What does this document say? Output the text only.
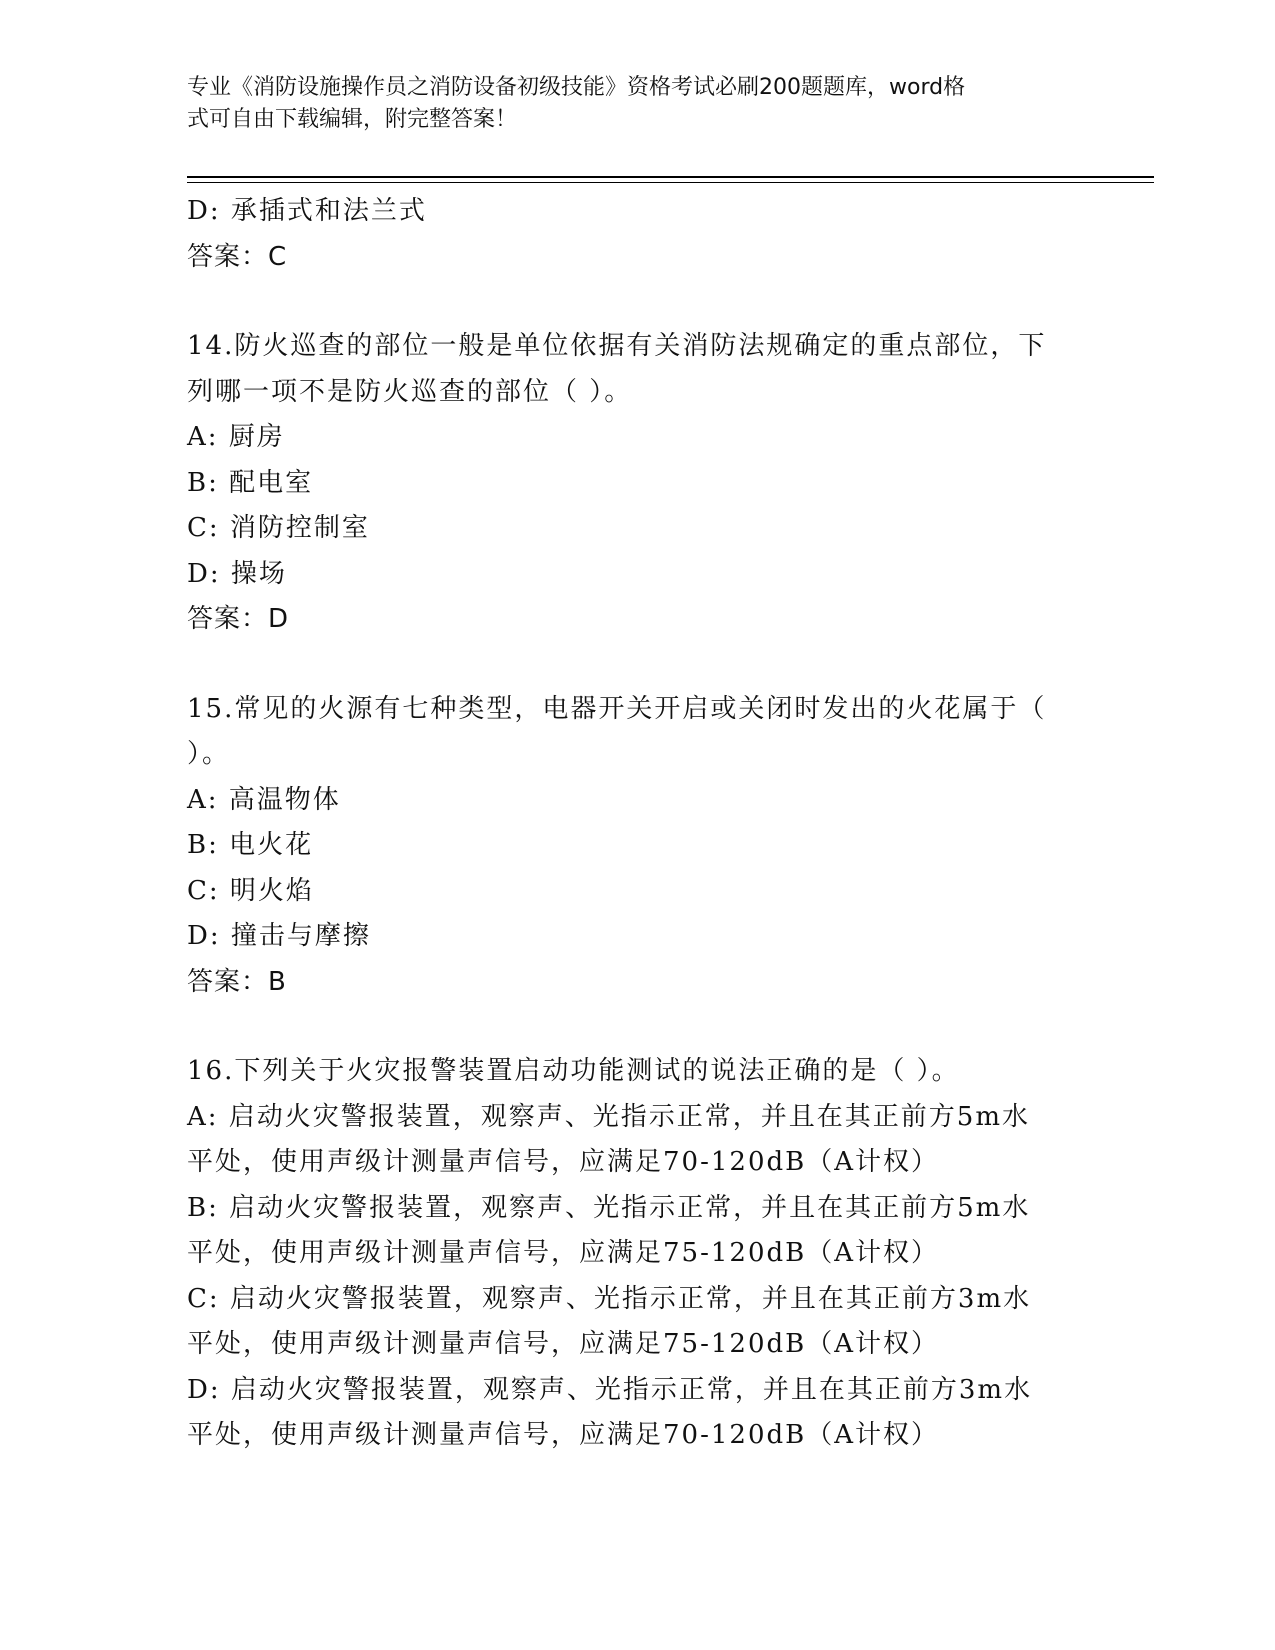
专业《消防设施操作员之消防设备初级技能》资格考试必刷200题题库，word格
式可自由下载编辑，附完整答案！
D: 承插式和法兰式
答案：C
14.防火巡查的部位一般是单位依据有关消防法规确定的重点部位，下
列哪一项不是防火巡查的部位（ ）。
A: 厨房
B: 配电室
C: 消防控制室
D: 操场
答案：D
15.常见的火源有七种类型，电器开关开启或关闭时发出的火花属于（
）。
A: 高温物体
B: 电火花
C: 明火焰
D: 撞击与摩擦
答案：B
16.下列关于火灾报警装置启动功能测试的说法正确的是（ ）。
A: 启动火灾警报装置，观察声、光指示正常，并且在其正前方5m水
平处，使用声级计测量声信号，应满足70-120dB（A计权）
B: 启动火灾警报装置，观察声、光指示正常，并且在其正前方5m水
平处，使用声级计测量声信号，应满足75-120dB（A计权）
C: 启动火灾警报装置，观察声、光指示正常，并且在其正前方3m水
平处，使用声级计测量声信号，应满足75-120dB（A计权）
D: 启动火灾警报装置，观察声、光指示正常，并且在其正前方3m水
平处，使用声级计测量声信号，应满足70-120dB（A计权）
